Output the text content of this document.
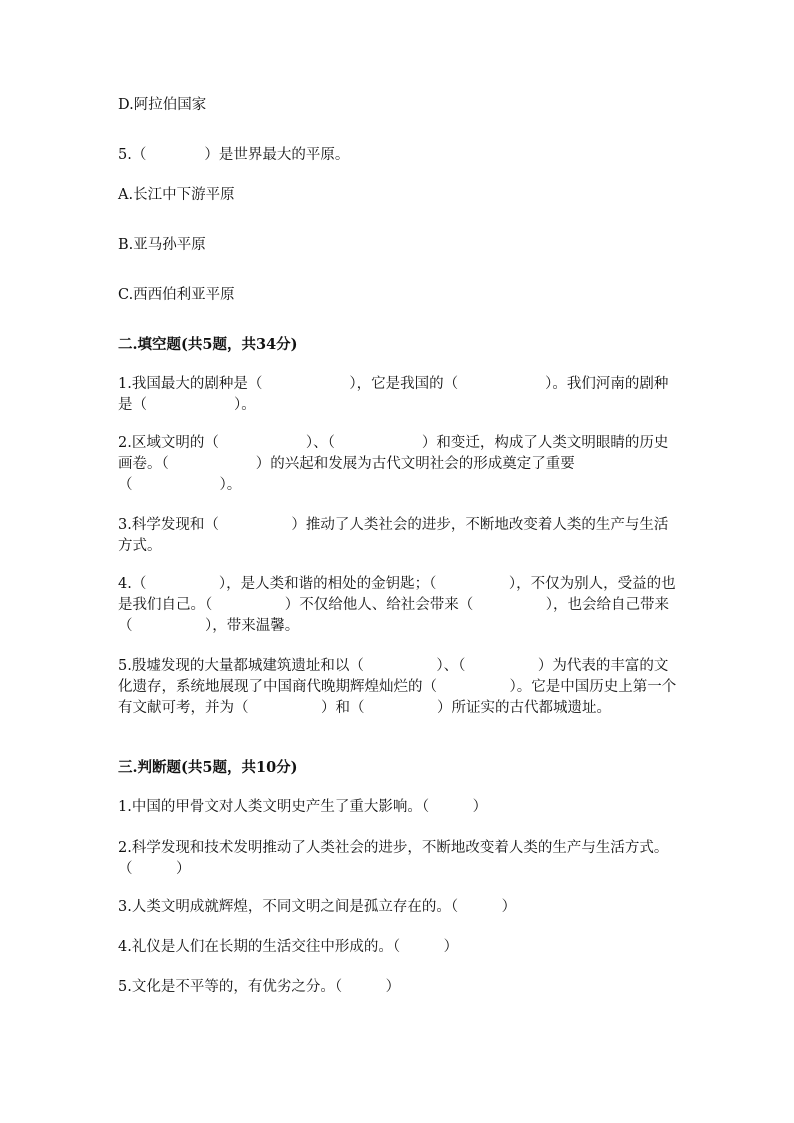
D.阿拉伯国家
5.（　　　　）是世界最大的平原。
A.长江中下游平原
B.亚马孙平原
C.西西伯利亚平原
二.填空题(共5题，共34分)
1.我国最大的剧种是（　　　　　　），它是我国的（　　　　　　）。我们河南的剧种是（　　　　　　）。
2.区域文明的（　　　　　　）、（　　　　　　）和变迁，构成了人类文明眼睛的历史画卷。（　　　　　　）的兴起和发展为古代文明社会的形成奠定了重要（　　　　　　）。
3.科学发现和（　　　　　）推动了人类社会的进步，不断地改变着人类的生产与生活方式。
4.（　　　　　），是人类和谐的相处的金钥匙；（　　　　　），不仅为别人，受益的也是我们自己。（　　　　　）不仅给他人、给社会带来（　　　　　），也会给自己带来（　　　　　），带来温馨。
5.殷墟发现的大量都城建筑遗址和以（　　　　　）、（　　　　　）为代表的丰富的文化遗存，系统地展现了中国商代晚期辉煌灿烂的（　　　　　）。它是中国历史上第一个有文献可考，并为（　　　　　）和（　　　　　）所证实的古代都城遗址。
三.判断题(共5题，共10分)
1.中国的甲骨文对人类文明史产生了重大影响。（　　　）
2.科学发现和技术发明推动了人类社会的进步，不断地改变着人类的生产与生活方式。（　　　）
3.人类文明成就辉煌，不同文明之间是孤立存在的。（　　　）
4.礼仪是人们在长期的生活交往中形成的。（　　　）
5.文化是不平等的，有优劣之分。（　　　）
